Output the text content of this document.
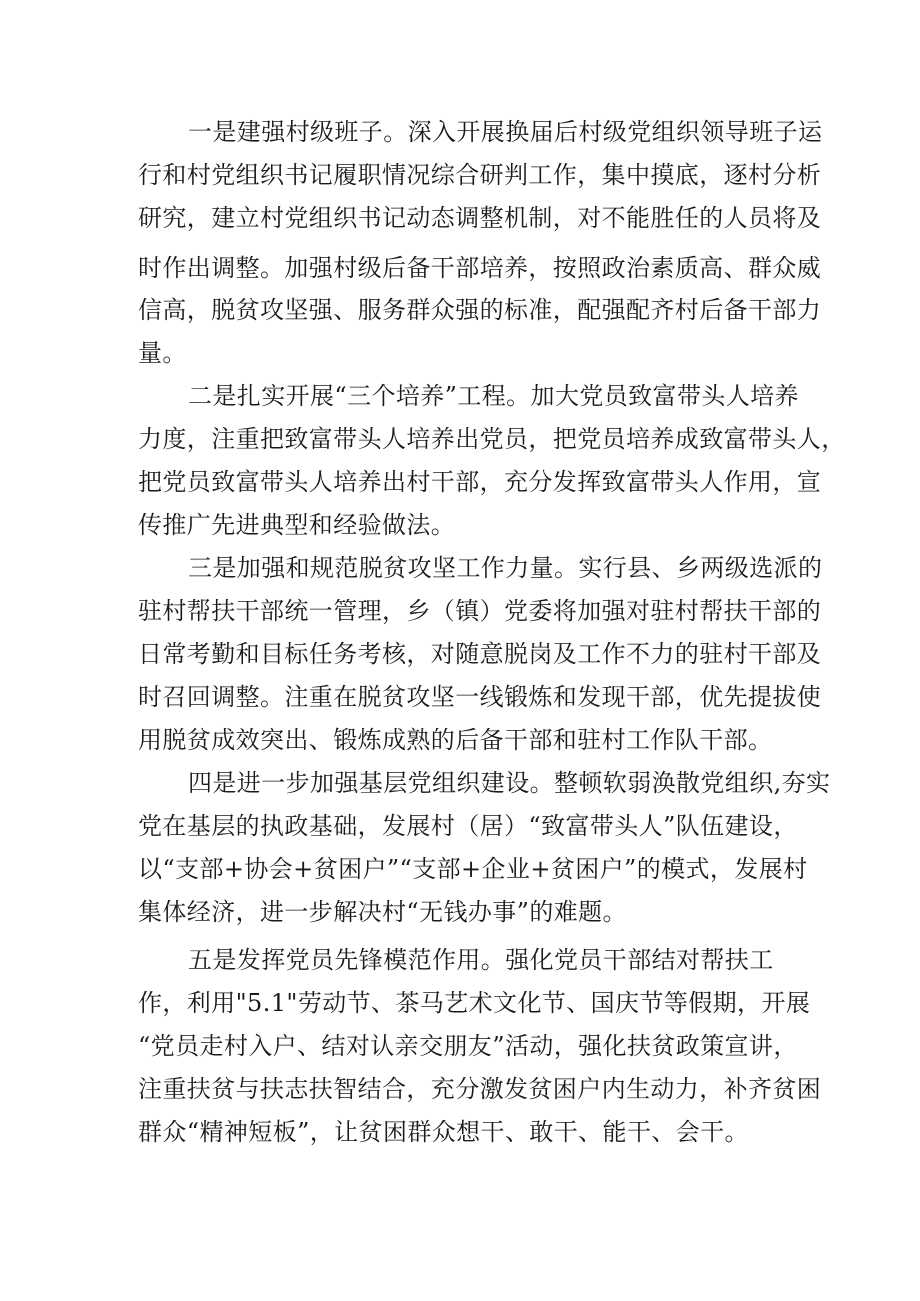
一是建强村级班子。深入开展换届后村级党组织领导班子运

行和村党组织书记履职情况综合研判工作，集中摸底，逐村分析

研究，建立村党组织书记动态调整机制，对不能胜任的人员将及

时作出调整。加强村级后备干部培养，按照政治素质高、群众威

信高，脱贫攻坚强、服务群众强的标准，配强配齐村后备干部力

量。

二是扎实开展“三个培养”工程。加大党员致富带头人培养

力度，注重把致富带头人培养出党员，把党员培养成致富带头人，

把党员致富带头人培养出村干部，充分发挥致富带头人作用，宣

传推广先进典型和经验做法。

三是加强和规范脱贫攻坚工作力量。实行县、乡两级选派的

驻村帮扶干部统一管理，乡（镇）党委将加强对驻村帮扶干部的

日常考勤和目标任务考核，对随意脱岗及工作不力的驻村干部及

时召回调整。注重在脱贫攻坚一线锻炼和发现干部，优先提拔使

用脱贫成效突出、锻炼成熟的后备干部和驻村工作队干部。

四是进一步加强基层党组织建设。整顿软弱涣散党组织,夯实

党在基层的执政基础，发展村（居）“致富带头人”队伍建设，

以“支部+协会+贫困户”“支部+企业+贫困户”的模式，发展村

集体经济，进一步解决村“无钱办事”的难题。

五是发挥党员先锋模范作用。强化党员干部结对帮扶工

作，利用"5.1"劳动节、茶马艺术文化节、国庆节等假期，开展

“党员走村入户、结对认亲交朋友”活动，强化扶贫政策宣讲，

注重扶贫与扶志扶智结合，充分激发贫困户内生动力，补齐贫困

群众“精神短板”，让贫困群众想干、敢干、能干、会干。
